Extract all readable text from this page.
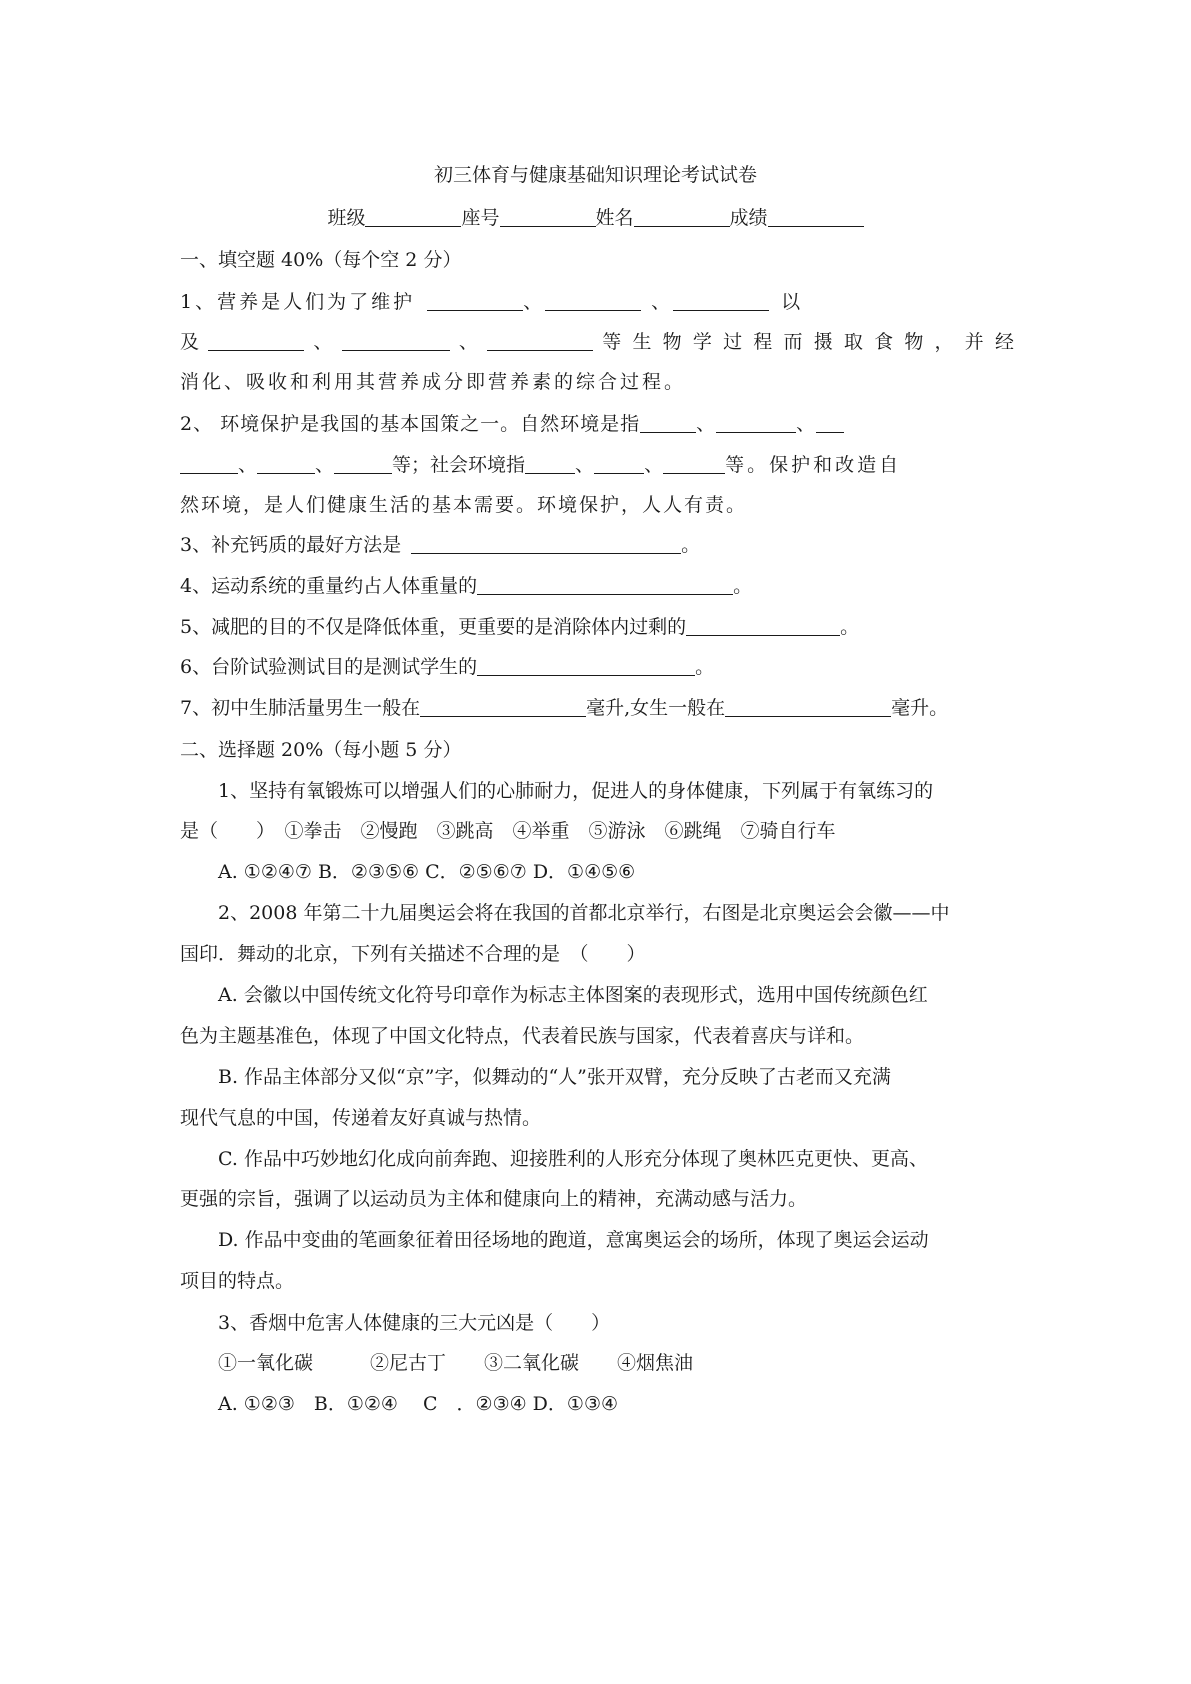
初三体育与健康基础知识理论考试试卷
班级	座号	姓名	成绩
一、填空题 40%（每个空 2 分）
1、营养是人们为了维护	、	、	以
及	、	、	等生物学过程而摄取食物，并经
消化、吸收和利用其营养成分即营养素的综合过程。
2、 环境保护是我国的基本国策之一。自然环境是指	、	、
、	、	等；社会环境指	、	、	等。保护和改造自
然环境，是人们健康生活的基本需要。环境保护，人人有责。
3、补充钙质的最好方法是	。
4、运动系统的重量约占人体重量的	。
5、减肥的目的不仅是降低体重，更重要的是消除体内过剩的	。
6、台阶试验测试目的是测试学生的	。
7、初中生肺活量男生一般在	毫升,女生一般在	毫升。
二、选择题 20%（每小题 5 分）
1、坚持有氧锻炼可以增强人们的心肺耐力，促进人的身体健康，下列属于有氧练习的
是（　　）　①拳击　②慢跑　③跳高　④举重　⑤游泳　⑥跳绳　⑦骑自行车
A. ①②④⑦ B．②③⑤⑥ C．②⑤⑥⑦ D．①④⑤⑥
2、2008 年第二十九届奥运会将在我国的首都北京举行，右图是北京奥运会会徽——中
国印．舞动的北京，下列有关描述不合理的是　（　　）
A. 会徽以中国传统文化符号印章作为标志主体图案的表现形式，选用中国传统颜色红
色为主题基准色，体现了中国文化特点，代表着民族与国家，代表着喜庆与详和。
B. 作品主体部分又似“京”字，似舞动的“人”张开双臂，充分反映了古老而又充满
现代气息的中国，传递着友好真诚与热情。
C. 作品中巧妙地幻化成向前奔跑、迎接胜利的人形充分体现了奥林匹克更快、更高、
更强的宗旨，强调了以运动员为主体和健康向上的精神，充满动感与活力。
D. 作品中变曲的笔画象征着田径场地的跑道，意寓奥运会的场所，体现了奥运会运动
项目的特点。
3、香烟中危害人体健康的三大元凶是（　　）
①一氧化碳　　　②尼古丁　　③二氧化碳　　④烟焦油
A. ①②③　B．①②④　 C　．②③④ D．①③④
